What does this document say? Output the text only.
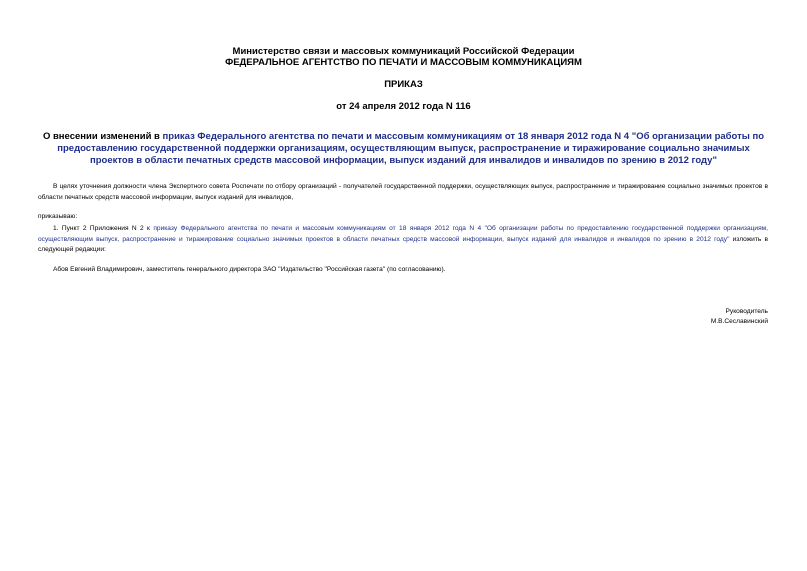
Министерство связи и массовых коммуникаций Российской Федерации
ФЕДЕРАЛЬНОЕ АГЕНТСТВО ПО ПЕЧАТИ И МАССОВЫМ КОММУНИКАЦИЯМ
ПРИКАЗ
от 24 апреля 2012 года N 116
О внесении изменений в приказ Федерального агентства по печати и массовым коммуникациям от 18 января 2012 года N 4 "Об организации работы по предоставлению государственной поддержки организациям, осуществляющим выпуск, распространение и тиражирование социально значимых проектов в области печатных средств массовой информации, выпуск изданий для инвалидов и инвалидов по зрению в 2012 году"
В целях уточнения должности члена Экспертного совета Роспечати по отбору организаций - получателей государственной поддержки, осуществляющих выпуск, распространение и тиражирование социально значимых проектов в области печатных средств массовой информации, выпуск изданий для инвалидов,
приказываю:
1. Пункт 2 Приложения N 2 к приказу Федерального агентства по печати и массовым коммуникациям от 18 января 2012 года N 4 "Об организации работы по предоставлению государственной поддержки организациям, осуществляющим выпуск, распространение и тиражирование социально значимых проектов в области печатных средств массовой информации, выпуск изданий для инвалидов и инвалидов по зрению в 2012 году" изложить в следующей редакции:
Абов Евгений Владимирович, заместитель генерального директора ЗАО "Издательство "Российская газета" (по согласованию).
Руководитель
М.В.Сеславинский
